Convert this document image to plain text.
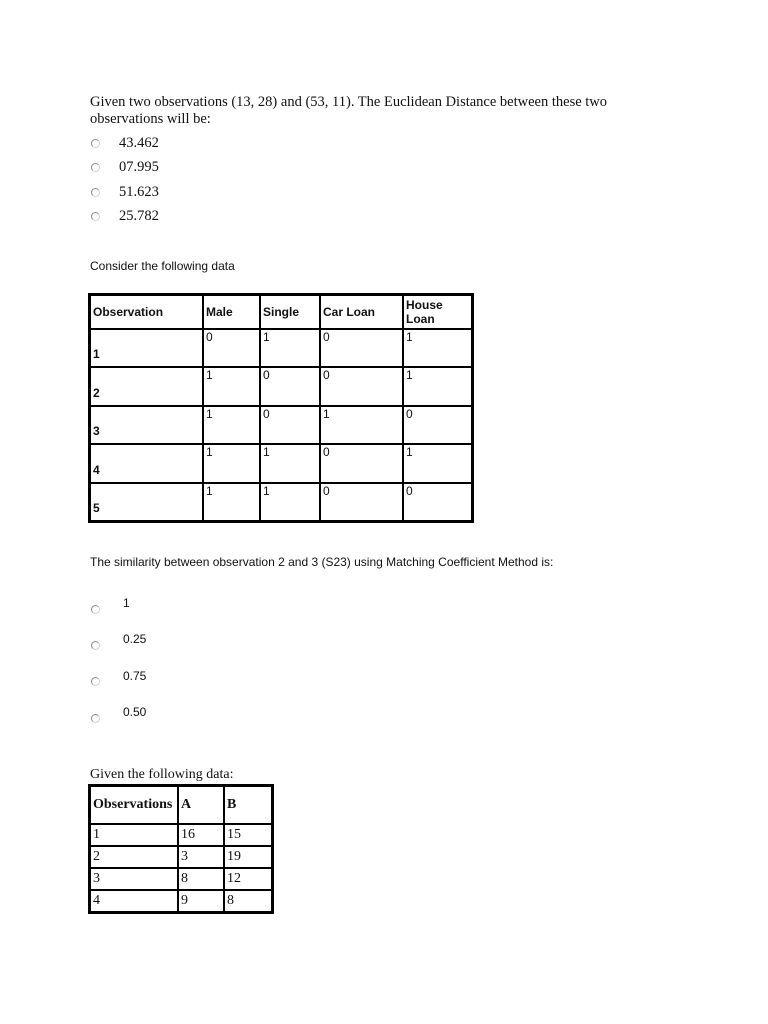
Given two observations (13, 28) and (53, 11). The Euclidean Distance between these two observations will be:
43.462
07.995
51.623
25.782
Consider the following data
Observation	Male	Single	Car Loan	House Loan
1	0	1	0	1
2	1	0	0	1
3	1	0	1	0
4	1	1	0	1
5	1	1	0	0
The similarity between observation 2 and 3 (S23) using Matching Coefficient Method is:
1
0.25
0.75
0.50
Given the following data:
Observations	A	B
1	16	15
2	3	19
3	8	12
4	9	8
